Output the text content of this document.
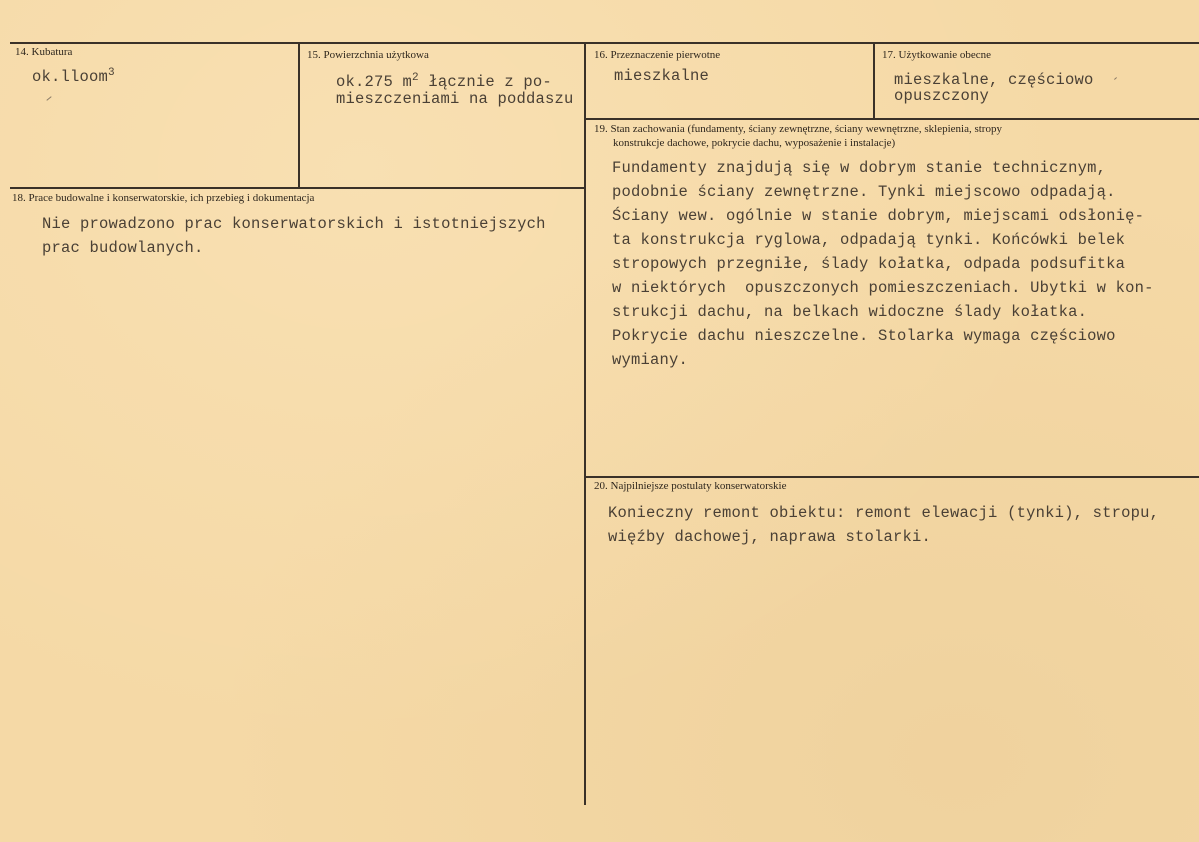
14. Kubatura
ok.lloom$^3$
15. Powierzchnia użytkowa
ok.275 $m^2$ łącznie z po-
mieszczeniami na poddaszu
16. Przeznaczenie pierwotne
mieszkalne
17. Użytkowanie obecne
mieszkalne, częściowo
opuszczony
19. Stan zachowania (fundamenty, ściany zewnętrzne, ściany wewnętrzne, sklepienia, stropy
konstrukcje dachowe, pokrycie dachu, wyposażenie i instalacje)
Fundamenty znajdują się w dobrym stanie technicznym,
podobnie ściany zewnętrzne. Tynki miejscowo odpadają.
Ściany wew. ogólnie w stanie dobrym, miejscami odsłonię-
ta konstrukcja ryglowa, odpadają tynki. Końcówki belek
stropowych przegniłe, ślady kołatka, odpada podsufitka
w niektórych  opuszczonych pomieszczeniach. Ubytki w kon-
strukcji dachu, na belkach widoczne ślady kołatka.
Pokrycie dachu nieszczelne. Stolarka wymaga częściowo
wymiany.
18. Prace budowalne i konserwatorskie, ich przebieg i dokumentacja
Nie prowadzono prac konserwatorskich i istotniejszych
prac budowlanych.
20. Najpilniejsze postulaty konserwatorskie
Konieczny remont obiektu: remont elewacji (tynki), stropu,
więźby dachowej, naprawa stolarki.
